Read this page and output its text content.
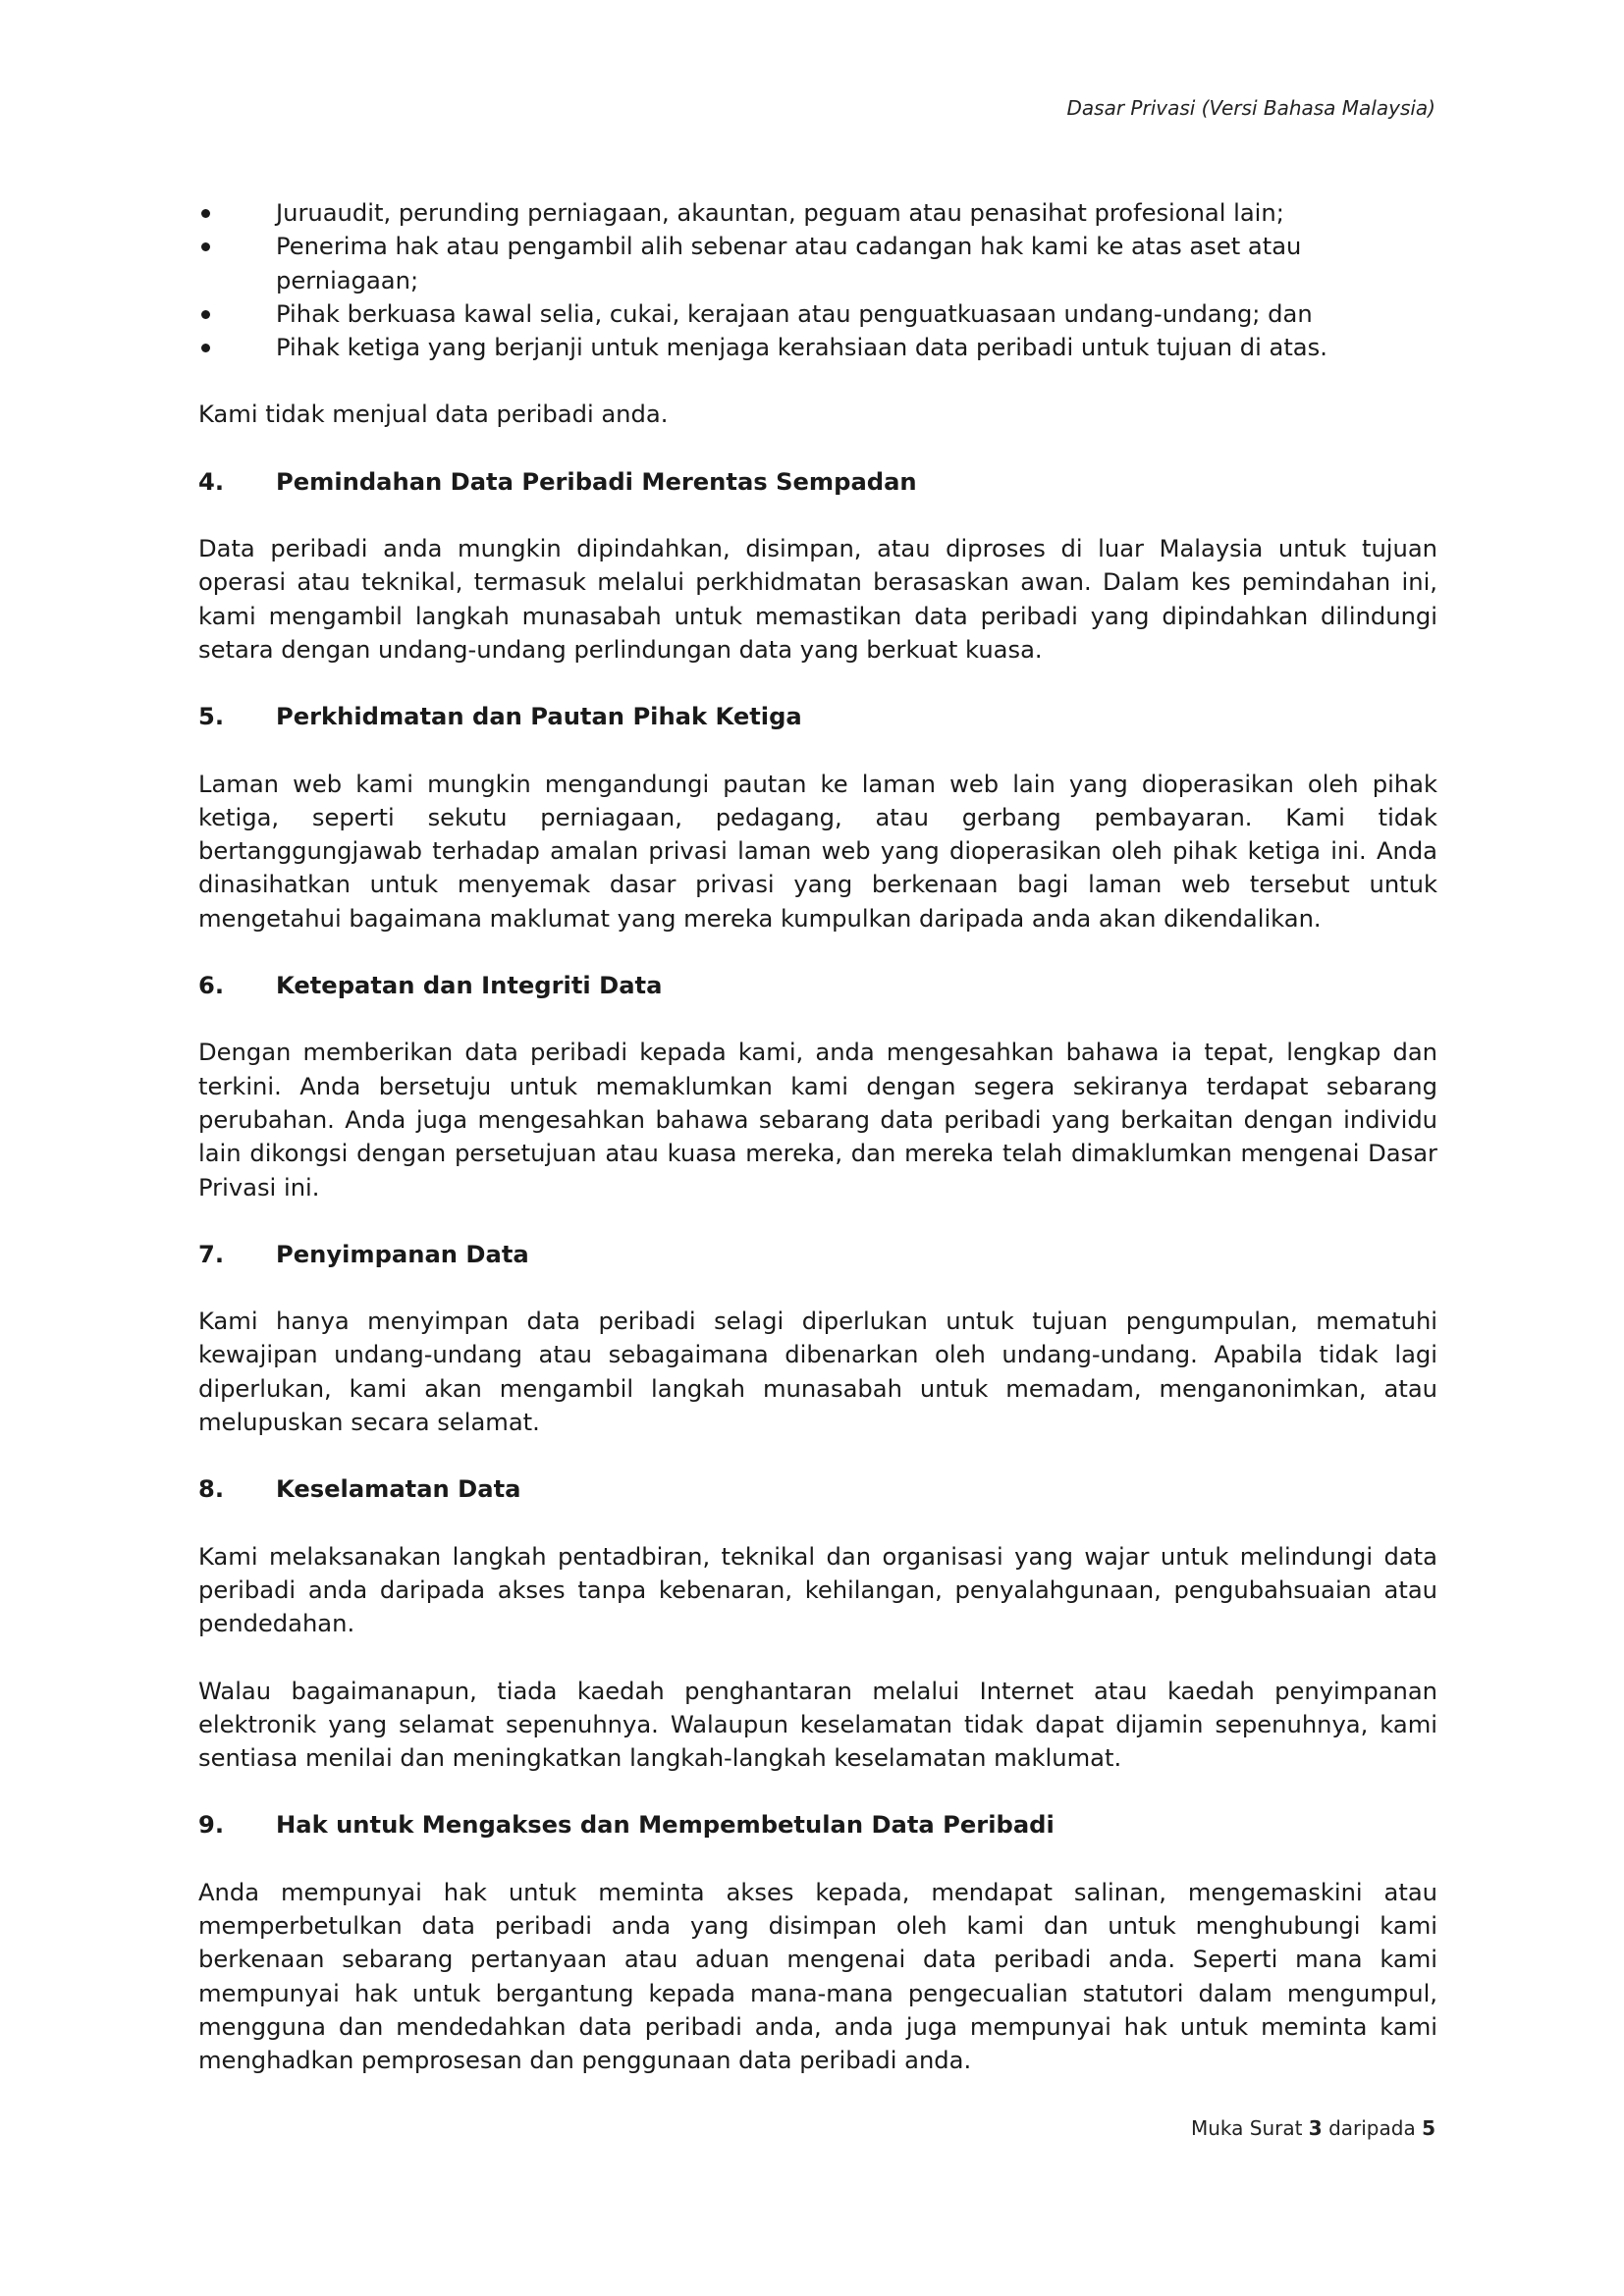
Dasar Privasi (Versi Bahasa Malaysia)
Juruaudit, perunding perniagaan, akauntan, peguam atau penasihat profesional lain;
Penerima hak atau pengambil alih sebenar atau cadangan hak kami ke atas aset atau perniagaan;
Pihak berkuasa kawal selia, cukai, kerajaan atau penguatkuasaan undang-undang; dan
Pihak ketiga yang berjanji untuk menjaga kerahsiaan data peribadi untuk tujuan di atas.

Kami tidak menjual data peribadi anda.

4.	Pemindahan Data Peribadi Merentas Sempadan

Data peribadi anda mungkin dipindahkan, disimpan, atau diproses di luar Malaysia untuk tujuan operasi atau teknikal, termasuk melalui perkhidmatan berasaskan awan. Dalam kes pemindahan ini, kami mengambil langkah munasabah untuk memastikan data peribadi yang dipindahkan dilindungi setara dengan undang-undang perlindungan data yang berkuat kuasa.

5.	Perkhidmatan dan Pautan Pihak Ketiga

Laman web kami mungkin mengandungi pautan ke laman web lain yang dioperasikan oleh pihak ketiga, seperti sekutu perniagaan, pedagang, atau gerbang pembayaran. Kami tidak bertanggungjawab terhadap amalan privasi laman web yang dioperasikan oleh pihak ketiga ini. Anda dinasihatkan untuk menyemak dasar privasi yang berkenaan bagi laman web tersebut untuk mengetahui bagaimana maklumat yang mereka kumpulkan daripada anda akan dikendalikan.

6.	Ketepatan dan Integriti Data

Dengan memberikan data peribadi kepada kami, anda mengesahkan bahawa ia tepat, lengkap dan terkini. Anda bersetuju untuk memaklumkan kami dengan segera sekiranya terdapat sebarang perubahan. Anda juga mengesahkan bahawa sebarang data peribadi yang berkaitan dengan individu lain dikongsi dengan persetujuan atau kuasa mereka, dan mereka telah dimaklumkan mengenai Dasar Privasi ini.

7.	Penyimpanan Data

Kami hanya menyimpan data peribadi selagi diperlukan untuk tujuan pengumpulan, mematuhi kewajipan undang-undang atau sebagaimana dibenarkan oleh undang-undang. Apabila tidak lagi diperlukan, kami akan mengambil langkah munasabah untuk memadam, menganonimkan, atau melupuskan secara selamat.

8.	Keselamatan Data

Kami melaksanakan langkah pentadbiran, teknikal dan organisasi yang wajar untuk melindungi data peribadi anda daripada akses tanpa kebenaran, kehilangan, penyalahgunaan, pengubahsuaian atau pendedahan.

Walau bagaimanapun, tiada kaedah penghantaran melalui Internet atau kaedah penyimpanan elektronik yang selamat sepenuhnya. Walaupun keselamatan tidak dapat dijamin sepenuhnya, kami sentiasa menilai dan meningkatkan langkah-langkah keselamatan maklumat.

9.	Hak untuk Mengakses dan Mempembetulan Data Peribadi

Anda mempunyai hak untuk meminta akses kepada, mendapat salinan, mengemaskini atau memperbetulkan data peribadi anda yang disimpan oleh kami dan untuk menghubungi kami berkenaan sebarang pertanyaan atau aduan mengenai data peribadi anda. Seperti mana kami mempunyai hak untuk bergantung kepada mana-mana pengecualian statutori dalam mengumpul, mengguna dan mendedahkan data peribadi anda, anda juga mempunyai hak untuk meminta kami menghadkan pemprosesan dan penggunaan data peribadi anda.

Muka Surat 3 daripada 5
